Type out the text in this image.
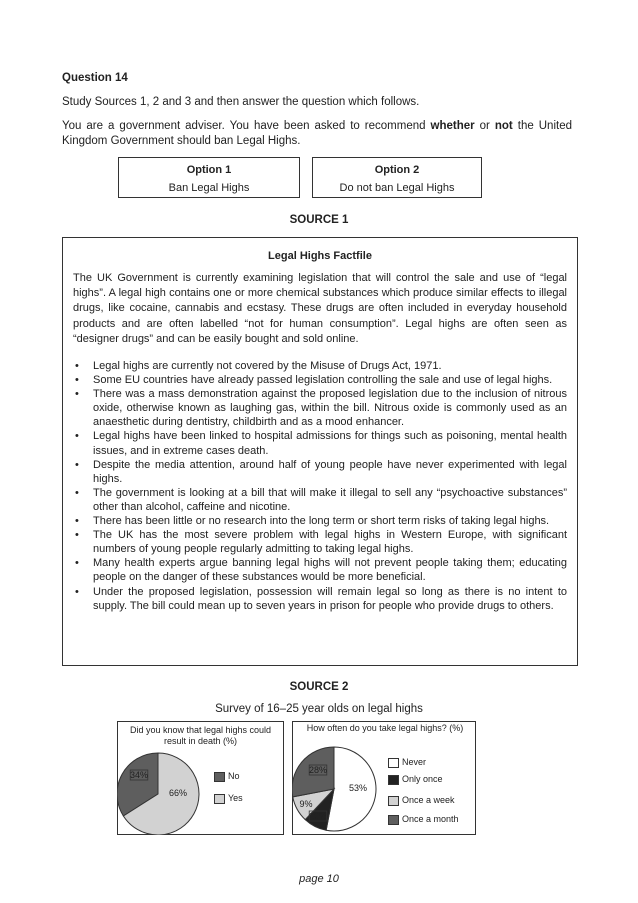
Question 14
Study Sources 1, 2 and 3 and then answer the question which follows.
You are a government adviser. You have been asked to recommend whether or not the United Kingdom Government should ban Legal Highs.
Option 1
Ban Legal Highs
Option 2
Do not ban Legal Highs
SOURCE 1
Legal Highs Factfile
The UK Government is currently examining legislation that will control the sale and use of “legal highs”. A legal high contains one or more chemical substances which produce similar effects to illegal drugs, like cocaine, cannabis and ecstasy. These drugs are often included in everyday household products and are often labelled “not for human consumption”. Legal highs are often seen as “designer drugs” and can be easily bought and sold online.
• Legal highs are currently not covered by the Misuse of Drugs Act, 1971.
• Some EU countries have already passed legislation controlling the sale and use of legal highs.
• There was a mass demonstration against the proposed legislation due to the inclusion of nitrous oxide, otherwise known as laughing gas, within the bill. Nitrous oxide is commonly used as an anaesthetic during dentistry, childbirth and as a mood enhancer.
• Legal highs have been linked to hospital admissions for things such as poisoning, mental health issues, and in extreme cases death.
• Despite the media attention, around half of young people have never experimented with legal highs.
• The government is looking at a bill that will make it illegal to sell any “psychoactive substances” other than alcohol, caffeine and nicotine.
• There has been little or no research into the long term or short term risks of taking legal highs.
• The UK has the most severe problem with legal highs in Western Europe, with significant numbers of young people regularly admitting to taking legal highs.
• Many health experts argue banning legal highs will not prevent people taking them; educating people on the danger of these substances would be more beneficial.
• Under the proposed legislation, possession will remain legal so long as there is no intent to supply. The bill could mean up to seven years in prison for people who provide drugs to others.
SOURCE 2
Survey of 16–25 year olds on legal highs
Did you know that legal highs could result in death (%)
34%
66%
No
Yes
How often do you take legal highs? (%)
53%
9%
10%
28%
Never
Only once
Once a week
Once a month
page 10
